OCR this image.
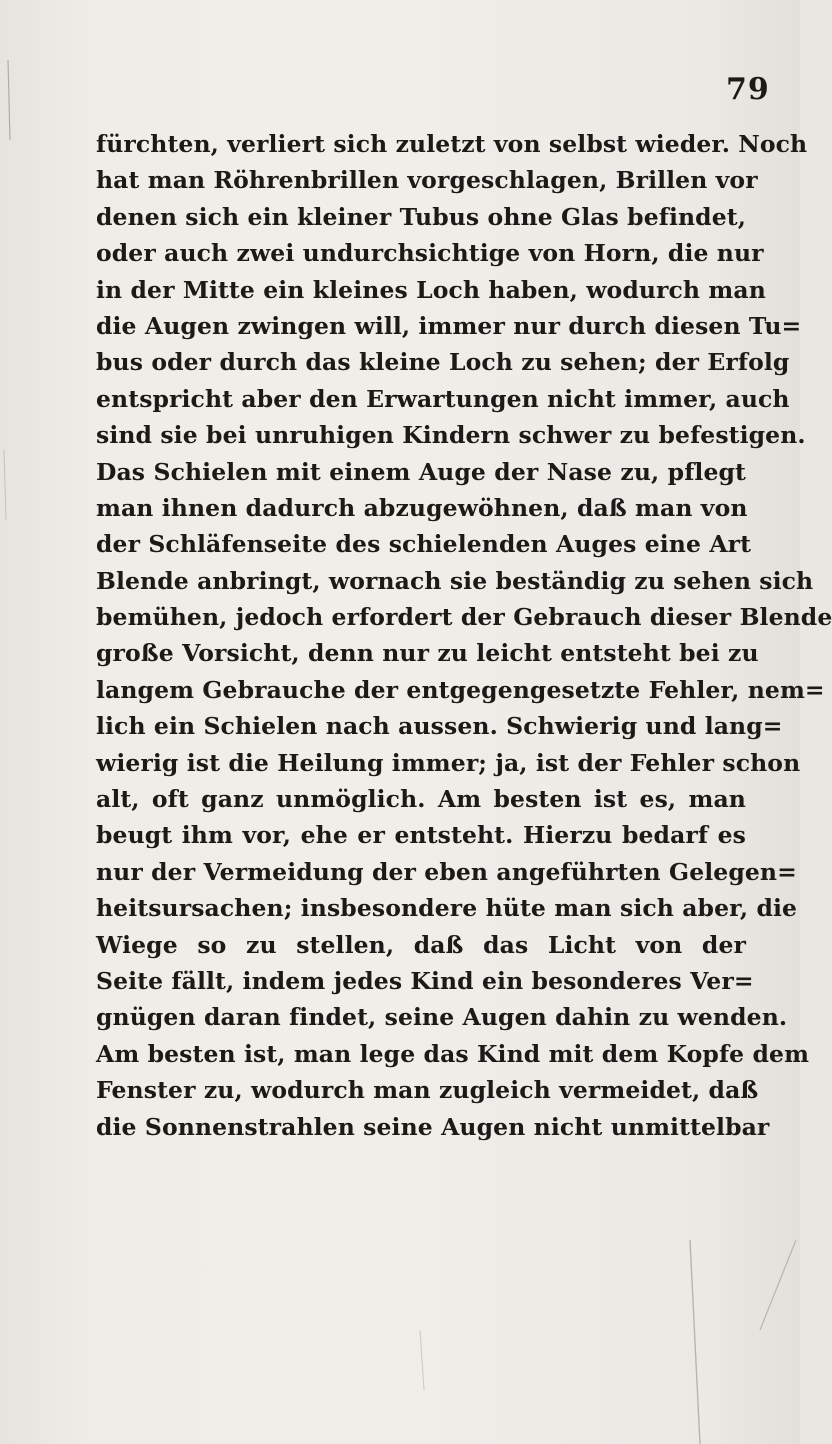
79
fürchten, verliert sich zuletzt von selbst wieder. Noch
hat man Röhrenbrillen vorgeschlagen, Brillen vor
denen sich ein kleiner Tubus ohne Glas befindet,
oder auch zwei undurchsichtige von Horn, die nur
in der Mitte ein kleines Loch haben, wodurch man
die Augen zwingen will, immer nur durch diesen Tu=
bus oder durch das kleine Loch zu sehen; der Erfolg
entspricht aber den Erwartungen nicht immer, auch
sind sie bei unruhigen Kindern schwer zu befestigen.
Das Schielen mit einem Auge der Nase zu, pflegt
man ihnen dadurch abzugewöhnen, daß man von
der Schläfenseite des schielenden Auges eine Art
Blende anbringt, wornach sie beständig zu sehen sich
bemühen, jedoch erfordert der Gebrauch dieser Blende
große Vorsicht, denn nur zu leicht entsteht bei zu
langem Gebrauche der entgegengesetzte Fehler, nem=
lich ein Schielen nach aussen. Schwierig und lang=
wierig ist die Heilung immer; ja, ist der Fehler schon
alt, oft ganz unmöglich. Am besten ist es, man
beugt ihm vor, ehe er entsteht. Hierzu bedarf es
nur der Vermeidung der eben angeführten Gelegen=
heitsursachen; insbesondere hüte man sich aber, die
Wiege so zu stellen, daß das Licht von der
Seite fällt, indem jedes Kind ein besonderes Ver=
gnügen daran findet, seine Augen dahin zu wenden.
Am besten ist, man lege das Kind mit dem Kopfe dem
Fenster zu, wodurch man zugleich vermeidet, daß
die Sonnenstrahlen seine Augen nicht unmittelbar
